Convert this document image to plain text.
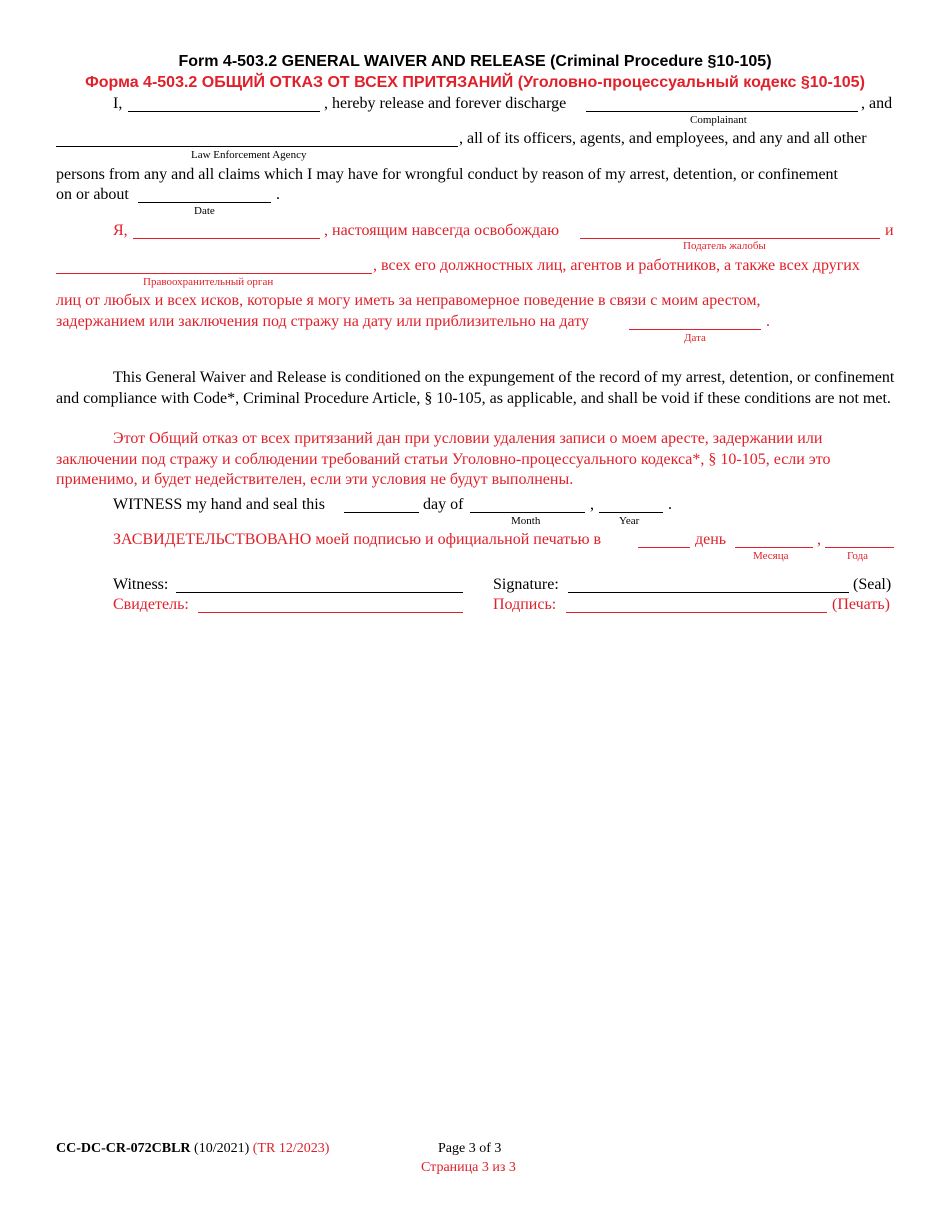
Form 4-503.2 GENERAL WAIVER AND RELEASE (Criminal Procedure §10-105)
Форма 4-503.2 ОБЩИЙ ОТКАЗ ОТ ВСЕХ ПРИТЯЗАНИЙ (Уголовно-процессуальный кодекс §10-105)
I,	, hereby release and forever discharge	, and
Complainant
, all of its officers, agents, and employees, and any and all other
Law Enforcement Agency
persons from any and all claims which I may have for wrongful conduct by reason of my arrest, detention, or confinement
on or about	.
Date
Я,	, настоящим навсегда освобождаю	и
Податель жалобы
, всех его должностных лиц, агентов и работников, а также всех других
Правоохранительный орган
лиц от любых и всех исков, которые я могу иметь за неправомерное поведение в связи с моим арестом,
задержанием или заключения под стражу на дату или приблизительно на дату	.
Дата
This General Waiver and Release is conditioned on the expungement of the record of my arrest, detention, or confinement and compliance with Code*, Criminal Procedure Article, § 10-105, as applicable, and shall be void if these conditions are not met.
Этот Общий отказ от всех притязаний дан при условии удаления записи о моем аресте, задержании или заключении под стражу и соблюдении требований статьи Уголовно-процессуального кодекса*, § 10-105, если это применимо, и будет недействителен, если эти условия не будут выполнены.
WITNESS my hand and seal this	day of	,	.
Month	Year
ЗАСВИДЕТЕЛЬСТВОВАНО моей подписью и официальной печатью в	день	,
Месяца	Года
Witness:	Signature:	(Seal)
Свидетель:	Подпись:	(Печать)
CC-DC-CR-072CBLR (10/2021) (TR 12/2023)	Page 3 of 3
Страница 3 из 3
